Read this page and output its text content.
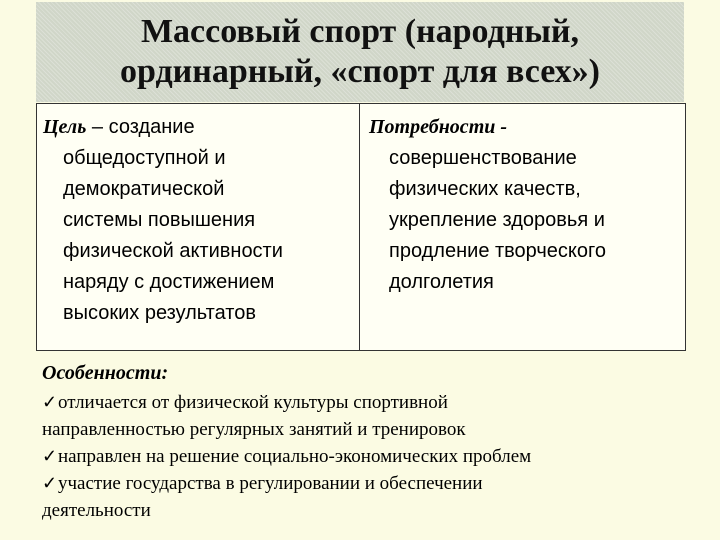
Массовый спорт (народный,
ординарный, «спорт для всех»)
Цель – создание
общедоступной и
демократической
системы повышения
физической активности
наряду с достижением
высоких результатов
Потребности -
совершенствование
физических качеств,
укрепление здоровья и
продление творческого
долголетия
Особенности:
✓отличается от физической культуры спортивной
направленностью регулярных занятий и тренировок
✓направлен на решение социально-экономических проблем
✓участие государства в регулировании и обеспечении
деятельности
